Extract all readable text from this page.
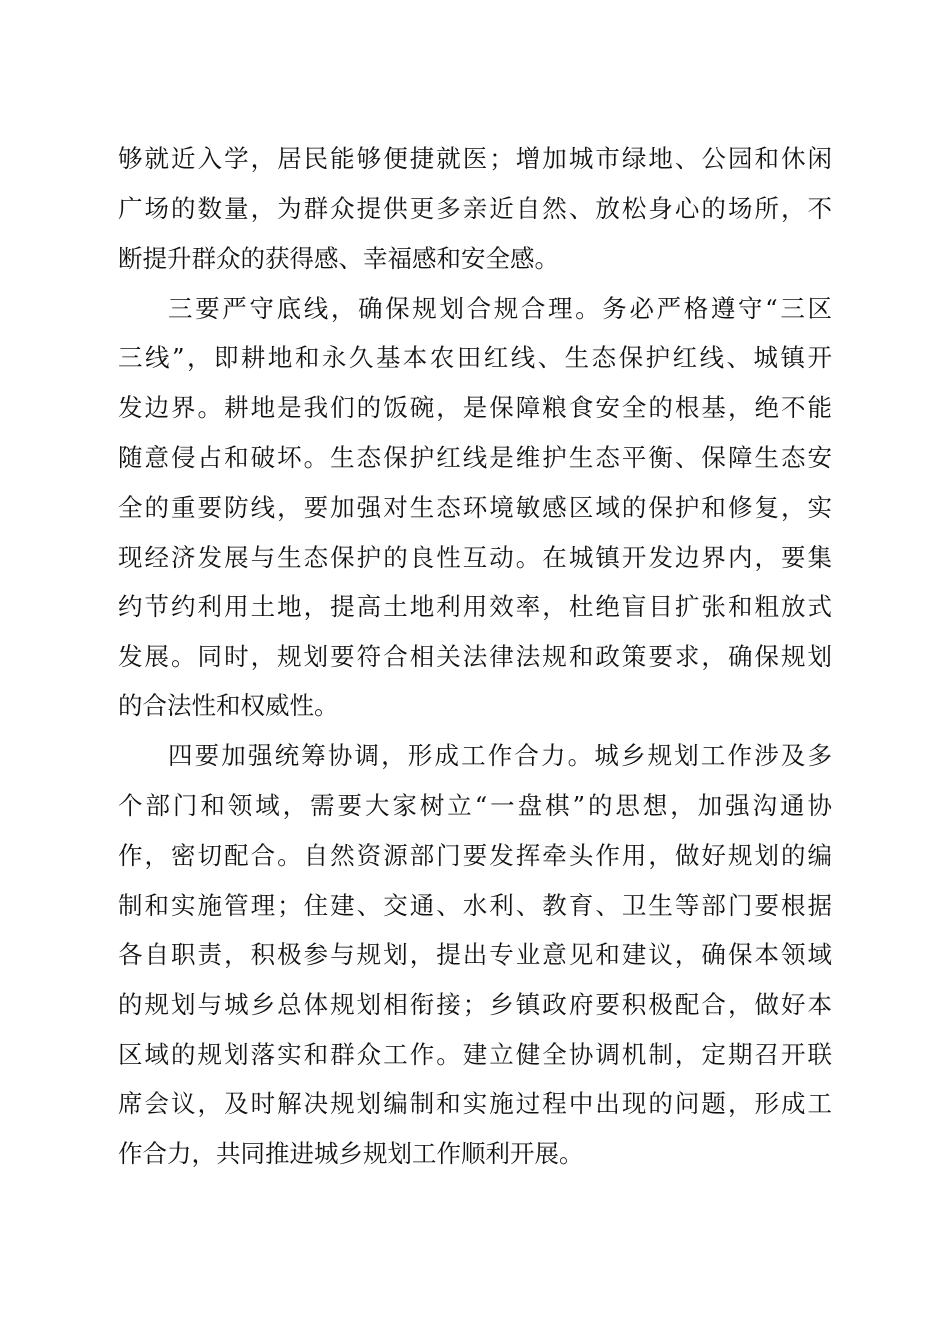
够就近入学，居民能够便捷就医；增加城市绿地、公园和休闲
广场的数量，为群众提供更多亲近自然、放松身心的场所，不
断提升群众的获得感、幸福感和安全感。
三要严守底线，确保规划合规合理。务必严格遵守“三区
三线”，即耕地和永久基本农田红线、生态保护红线、城镇开
发边界。耕地是我们的饭碗，是保障粮食安全的根基，绝不能
随意侵占和破坏。生态保护红线是维护生态平衡、保障生态安
全的重要防线，要加强对生态环境敏感区域的保护和修复，实
现经济发展与生态保护的良性互动。在城镇开发边界内，要集
约节约利用土地，提高土地利用效率，杜绝盲目扩张和粗放式
发展。同时，规划要符合相关法律法规和政策要求，确保规划
的合法性和权威性。
四要加强统筹协调，形成工作合力。城乡规划工作涉及多
个部门和领域，需要大家树立“一盘棋”的思想，加强沟通协
作，密切配合。自然资源部门要发挥牵头作用，做好规划的编
制和实施管理；住建、交通、水利、教育、卫生等部门要根据
各自职责，积极参与规划，提出专业意见和建议，确保本领域
的规划与城乡总体规划相衔接；乡镇政府要积极配合，做好本
区域的规划落实和群众工作。建立健全协调机制，定期召开联
席会议，及时解决规划编制和实施过程中出现的问题，形成工
作合力，共同推进城乡规划工作顺利开展。
